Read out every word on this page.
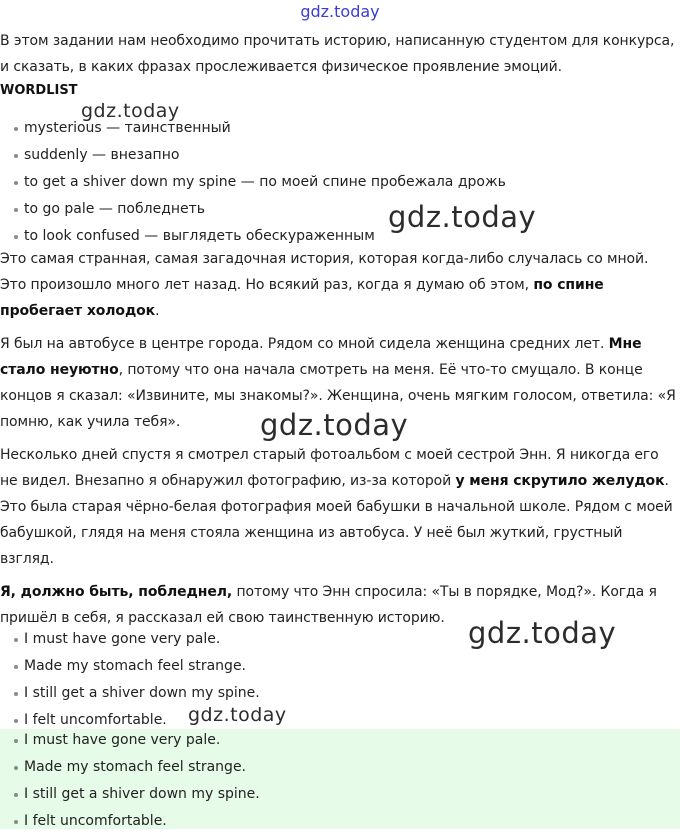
gdz.today

В этом задании нам необходимо прочитать историю, написанную студентом для конкурса, и сказать, в каких фразах прослеживается физическое проявление эмоций.

WORDLIST
mysterious — таинственный
suddenly — внезапно
to get a shiver down my spine — по моей спине пробежала дрожь
to go pale — побледнеть
to look confused — выглядеть обескураженным

Это самая странная, самая загадочная история, которая когда-либо случалась со мной. Это произошло много лет назад. Но всякий раз, когда я думаю об этом, по спине пробегает холодок.

Я был на автобусе в центре города. Рядом со мной сидела женщина средних лет. Мне стало неуютно, потому что она начала смотреть на меня. Её что-то смущало. В конце концов я сказал: «Извините, мы знакомы?». Женщина, очень мягким голосом, ответила: «Я помню, как учила тебя».

Несколько дней спустя я смотрел старый фотоальбом с моей сестрой Энн. Я никогда его не видел. Внезапно я обнаружил фотографию, из-за которой у меня скрутило желудок. Это была старая чёрно-белая фотография моей бабушки в начальной школе. Рядом с моей бабушкой, глядя на меня стояла женщина из автобуса. У неё был жуткий, грустный взгляд.

Я, должно быть, побледнел, потому что Энн спросила: «Ты в порядке, Мод?». Когда я пришёл в себя, я рассказал ей свою таинственную историю.

I must have gone very pale.
Made my stomach feel strange.
I still get a shiver down my spine.
I felt uncomfortable.
I must have gone very pale.
Made my stomach feel strange.
I still get a shiver down my spine.
I felt uncomfortable.
gdz.today
gdz.today
gdz.today
gdz.today
gdz.today
